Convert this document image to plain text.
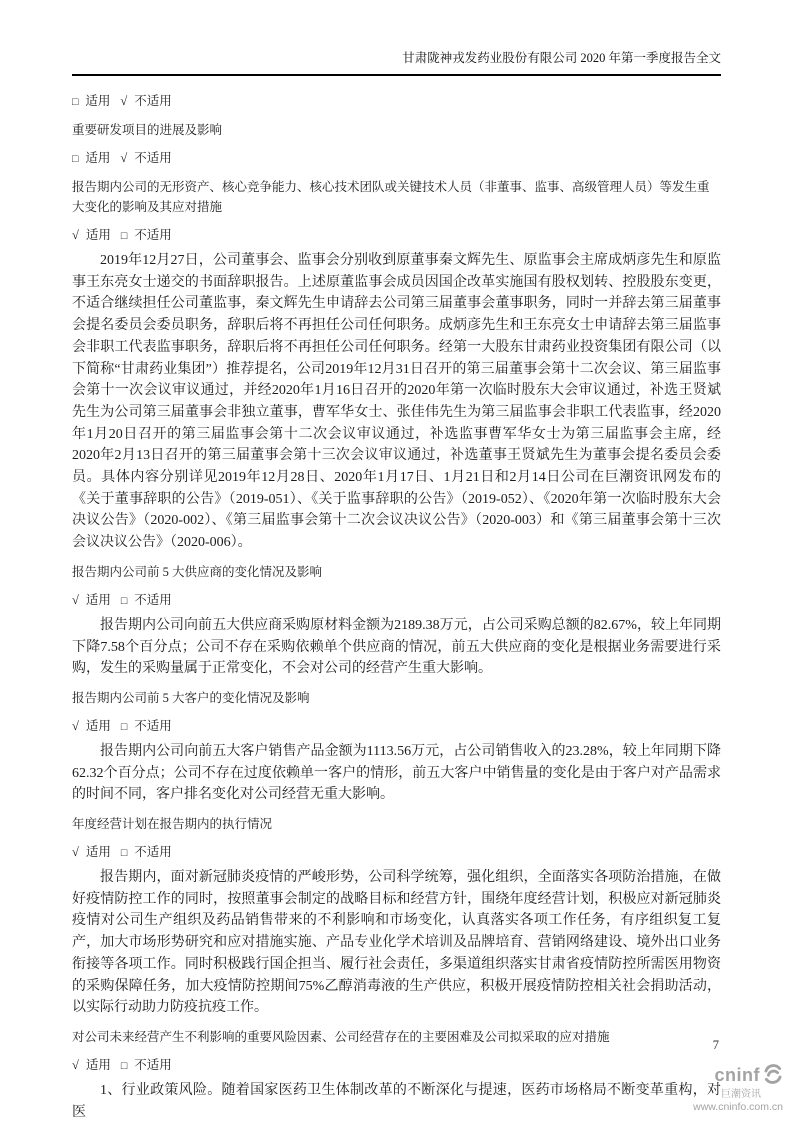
甘肃陇神戎发药业股份有限公司 2020 年第一季度报告全文
□ 适用 √ 不适用
重要研发项目的进展及影响
□ 适用 √ 不适用
报告期内公司的无形资产、核心竞争能力、核心技术团队或关键技术人员（非董事、监事、高级管理人员）等发生重大变化的影响及其应对措施
√ 适用 □ 不适用

2019年12月27日，公司董事会、监事会分别收到原董事秦文辉先生、原监事会主席成炳彦先生和原监事王东亮女士递交的书面辞职报告。上述原董监事会成员因国企改革实施国有股权划转、控股股东变更，不适合继续担任公司董监事，秦文辉先生申请辞去公司第三届董事会董事职务，同时一并辞去第三届董事会提名委员会委员职务，辞职后将不再担任公司任何职务。成炳彦先生和王东亮女士申请辞去第三届监事会非职工代表监事职务，辞职后将不再担任公司任何职务。经第一大股东甘肃药业投资集团有限公司（以下简称“甘肃药业集团”）推荐提名，公司2019年12月31日召开的第三届董事会第十二次会议、第三届监事会第十一次会议审议通过，并经2020年1月16日召开的2020年第一次临时股东大会审议通过，补选王贤斌先生为公司第三届董事会非独立董事，曹军华女士、张佳伟先生为第三届监事会非职工代表监事，经2020年1月20日召开的第三届监事会第十二次会议审议通过，补选监事曹军华女士为第三届监事会主席，经2020年2月13日召开的第三届董事会第十三次会议审议通过，补选董事王贤斌先生为董事会提名委员会委员。具体内容分别详见2019年12月28日、2020年1月17日、1月21日和2月14日公司在巨潮资讯网发布的《关于董事辞职的公告》（2019-051）、《关于监事辞职的公告》（2019-052）、《2020年第一次临时股东大会决议公告》（2020-002）、《第三届监事会第十二次会议决议公告》（2020-003）和《第三届董事会第十三次会议决议公告》（2020-006）。

报告期内公司前 5 大供应商的变化情况及影响
√ 适用 □ 不适用

报告期内公司向前五大供应商采购原材料金额为2189.38万元，占公司采购总额的82.67%，较上年同期下降7.58个百分点；公司不存在采购依赖单个供应商的情况，前五大供应商的变化是根据业务需要进行采购，发生的采购量属于正常变化，不会对公司的经营产生重大影响。

报告期内公司前 5 大客户的变化情况及影响
√ 适用 □ 不适用

报告期内公司向前五大客户销售产品金额为1113.56万元，占公司销售收入的23.28%，较上年同期下降62.32个百分点；公司不存在过度依赖单一客户的情形，前五大客户中销售量的变化是由于客户对产品需求的时间不同，客户排名变化对公司经营无重大影响。

年度经营计划在报告期内的执行情况
√ 适用 □ 不适用

报告期内，面对新冠肺炎疫情的严峻形势，公司科学统筹，强化组织，全面落实各项防治措施，在做好疫情防控工作的同时，按照董事会制定的战略目标和经营方针，围绕年度经营计划，积极应对新冠肺炎疫情对公司生产组织及药品销售带来的不利影响和市场变化，认真落实各项工作任务，有序组织复工复产，加大市场形势研究和应对措施实施、产品专业化学术培训及品牌培育、营销网络建设、境外出口业务衔接等各项工作。同时积极践行国企担当、履行社会责任，多渠道组织落实甘肃省疫情防控所需医用物资的采购保障任务，加大疫情防控期间75%乙醇消毒液的生产供应，积极开展疫情防控相关社会捐助活动，以实际行动助力防疫抗疫工作。

对公司未来经营产生不利影响的重要风险因素、公司经营存在的主要困难及公司拟采取的应对措施
√ 适用 □ 不适用

1、行业政策风险。随着国家医药卫生体制改革的不断深化与提速，医药市场格局不断变革重构，对医

7
cninf
巨潮资讯
www.cninfo.com.cn
